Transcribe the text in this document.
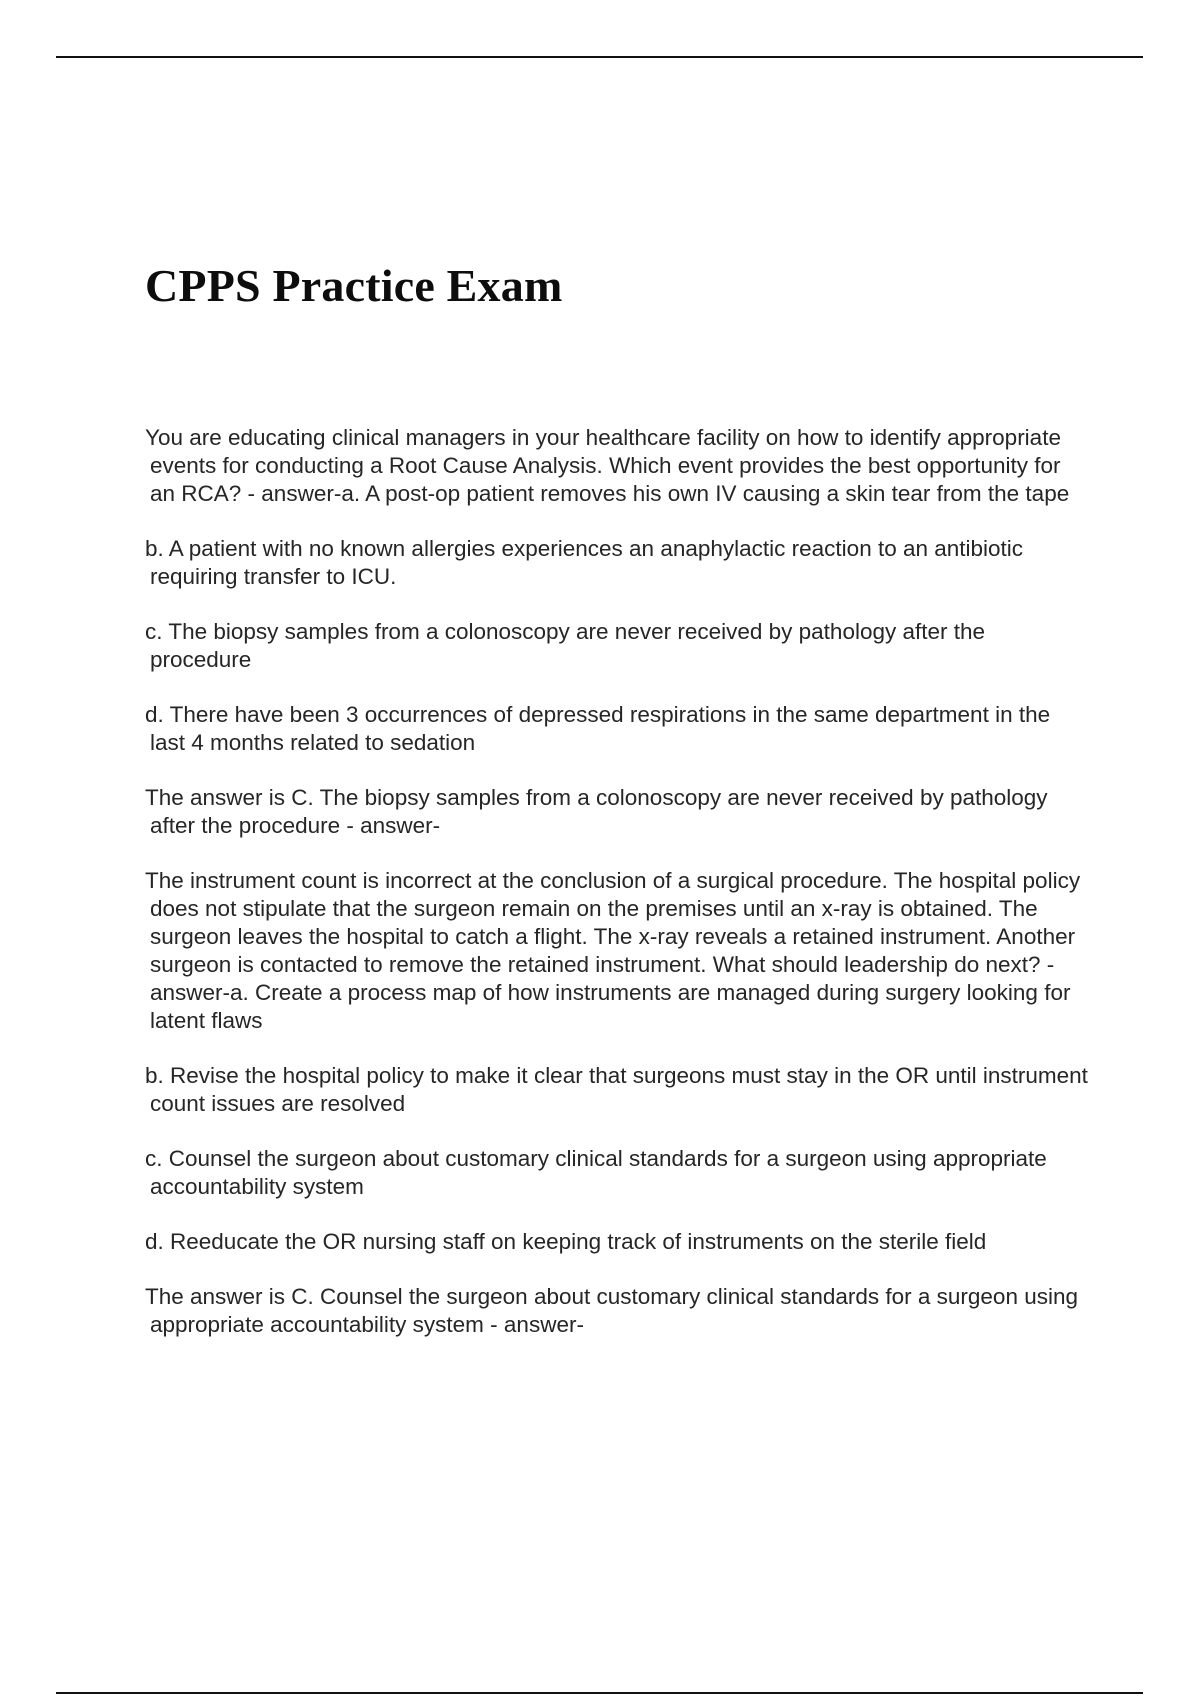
CPPS Practice Exam

You are educating clinical managers in your healthcare facility on how to identify appropriate events for conducting a Root Cause Analysis. Which event provides the best opportunity for an RCA? - answer-a. A post-op patient removes his own IV causing a skin tear from the tape

b. A patient with no known allergies experiences an anaphylactic reaction to an antibiotic requiring transfer to ICU.

c. The biopsy samples from a colonoscopy are never received by pathology after the procedure

d. There have been 3 occurrences of depressed respirations in the same department in the last 4 months related to sedation

The answer is C. The biopsy samples from a colonoscopy are never received by pathology after the procedure - answer-

The instrument count is incorrect at the conclusion of a surgical procedure. The hospital policy does not stipulate that the surgeon remain on the premises until an x-ray is obtained. The surgeon leaves the hospital to catch a flight. The x-ray reveals a retained instrument. Another surgeon is contacted to remove the retained instrument. What should leadership do next? - answer-a. Create a process map of how instruments are managed during surgery looking for latent flaws

b. Revise the hospital policy to make it clear that surgeons must stay in the OR until instrument count issues are resolved

c. Counsel the surgeon about customary clinical standards for a surgeon using appropriate accountability system

d. Reeducate the OR nursing staff on keeping track of instruments on the sterile field

The answer is C. Counsel the surgeon about customary clinical standards for a surgeon using appropriate accountability system - answer-
